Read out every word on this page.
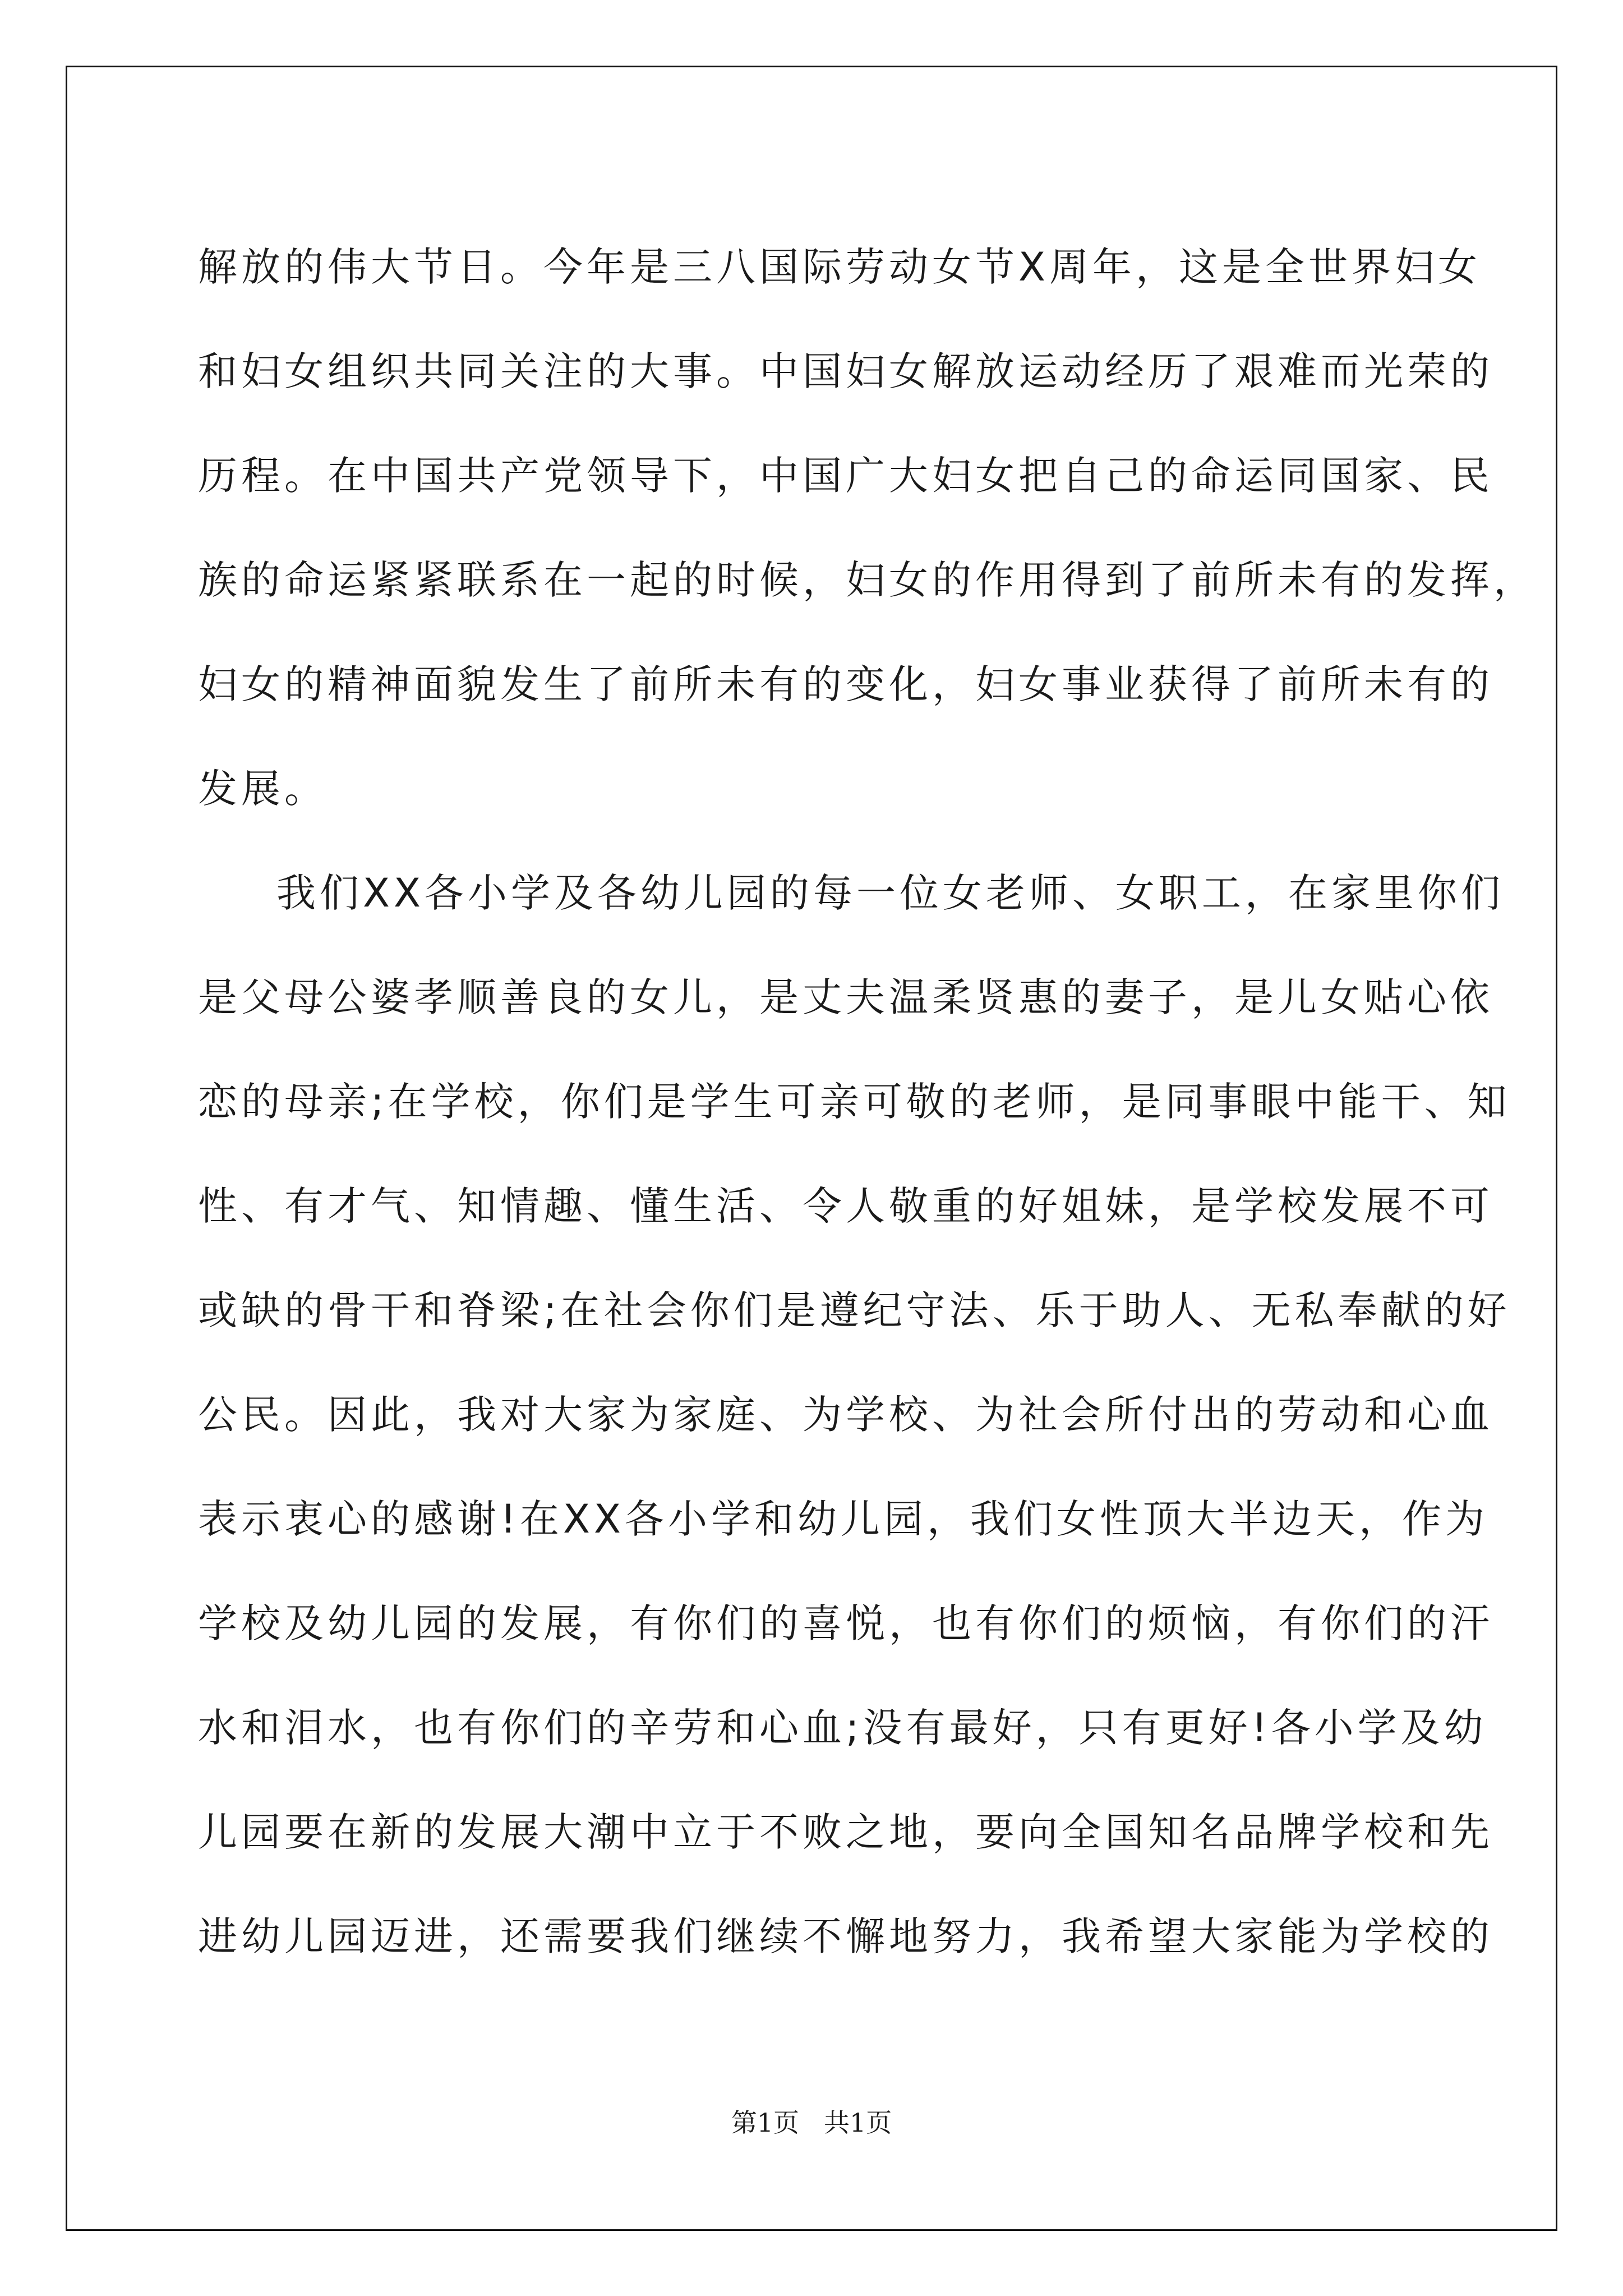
解放的伟大节日。今年是三八国际劳动女节X周年，这是全世界妇女
和妇女组织共同关注的大事。中国妇女解放运动经历了艰难而光荣的
历程。在中国共产党领导下，中国广大妇女把自己的命运同国家、民
族的命运紧紧联系在一起的时候，妇女的作用得到了前所未有的发挥，
妇女的精神面貌发生了前所未有的变化，妇女事业获得了前所未有的
发展。
我们XX各小学及各幼儿园的每一位女老师、女职工，在家里你们
是父母公婆孝顺善良的女儿，是丈夫温柔贤惠的妻子，是儿女贴心依
恋的母亲;在学校，你们是学生可亲可敬的老师，是同事眼中能干、知
性、有才气、知情趣、懂生活、令人敬重的好姐妹，是学校发展不可
或缺的骨干和脊梁;在社会你们是遵纪守法、乐于助人、无私奉献的好
公民。因此，我对大家为家庭、为学校、为社会所付出的劳动和心血
表示衷心的感谢!在XX各小学和幼儿园，我们女性顶大半边天，作为
学校及幼儿园的发展，有你们的喜悦，也有你们的烦恼，有你们的汗
水和泪水，也有你们的辛劳和心血;没有最好，只有更好!各小学及幼
儿园要在新的发展大潮中立于不败之地，要向全国知名品牌学校和先
进幼儿园迈进，还需要我们继续不懈地努力，我希望大家能为学校的
第1页 共1页
